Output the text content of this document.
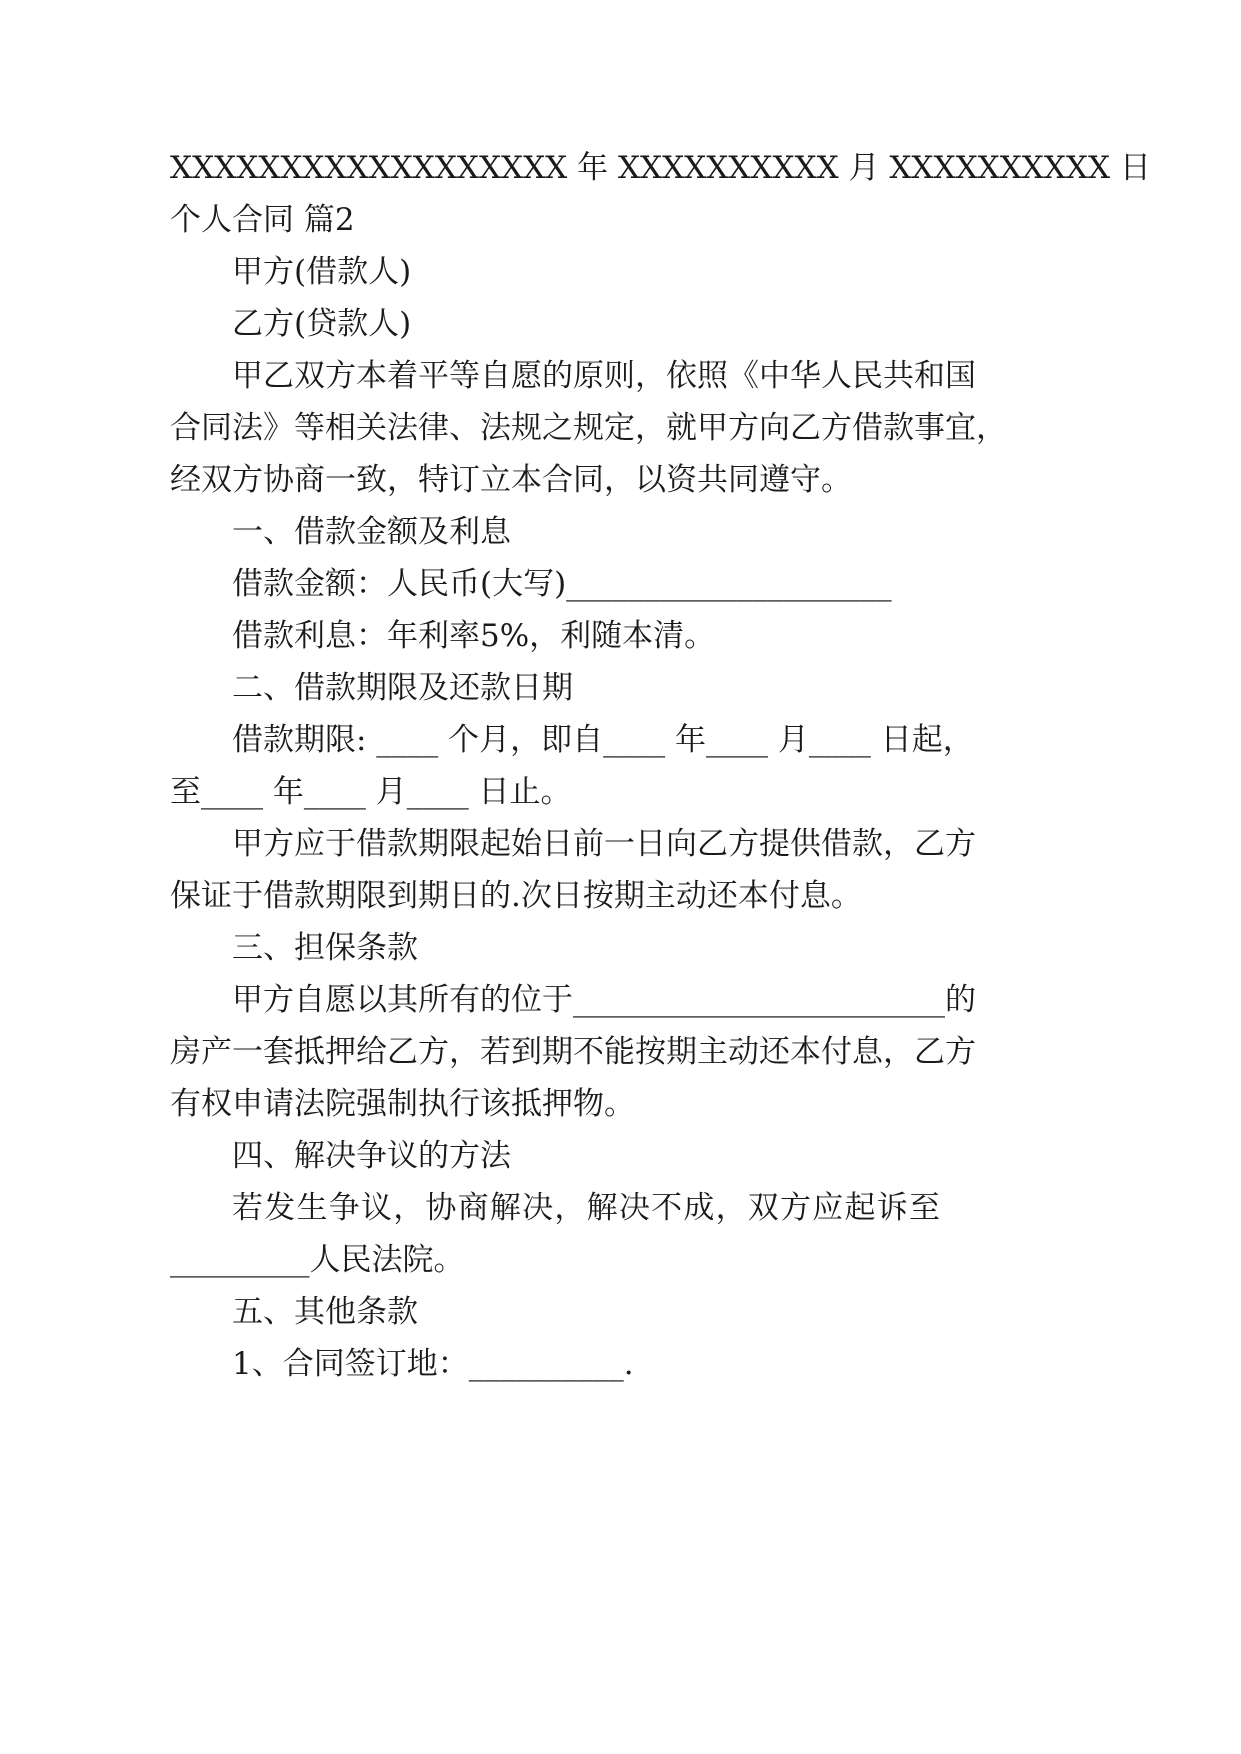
XXXXXXXXXXXXXXXXXX 年 XXXXXXXXXX 月 XXXXXXXXXX 日
个人合同 篇2
甲方(借款人)
乙方(贷款人)
甲乙双方本着平等自愿的原则，依照《中华人民共和国
合同法》等相关法律、法规之规定，就甲方向乙方借款事宜，
经双方协商一致，特订立本合同，以资共同遵守。
一、借款金额及利息
借款金额：人民币(大写)_____________________
借款利息：年利率5%，利随本清。
二、借款期限及还款日期
借款期限: ____ 个月，即自____ 年____ 月____ 日起，
至____ 年____ 月____ 日止。
甲方应于借款期限起始日前一日向乙方提供借款，乙方
保证于借款期限到期日的.次日按期主动还本付息。
三、担保条款
甲方自愿以其所有的位于________________________的
房产一套抵押给乙方，若到期不能按期主动还本付息，乙方
有权申请法院强制执行该抵押物。
四、解决争议的方法
若发生争议，协商解决，解决不成，双方应起诉至
_________人民法院。
五、其他条款
1、合同签订地：__________.
